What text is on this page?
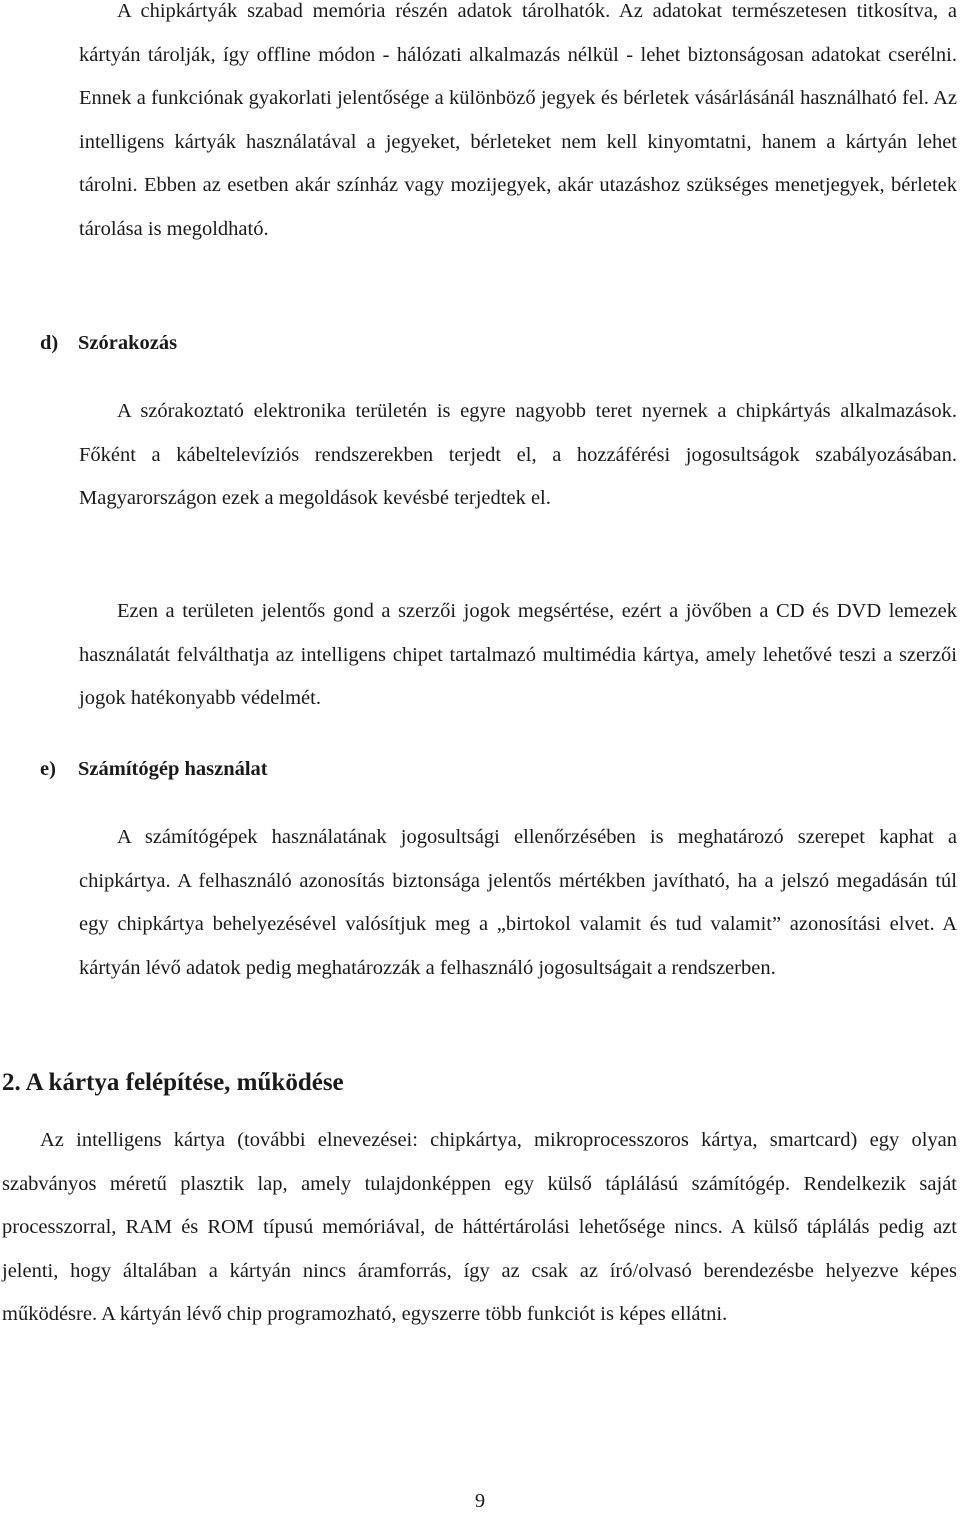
A chipkártyák szabad memória részén adatok tárolhatók. Az adatokat természetesen titkosítva, a kártyán tárolják, így offline módon - hálózati alkalmazás nélkül - lehet biztonságosan adatokat cserélni. Ennek a funkciónak gyakorlati jelentősége a különböző jegyek és bérletek vásárlásánál használható fel. Az intelligens kártyák használatával a jegyeket, bérleteket nem kell kinyomtatni, hanem a kártyán lehet tárolni. Ebben az esetben akár színház vagy mozijegyek, akár utazáshoz szükséges menetjegyek, bérletek tárolása is megoldható.

d) Szórakozás

A szórakoztató elektronika területén is egyre nagyobb teret nyernek a chipkártyás alkalmazások. Főként a kábeltelevíziós rendszerekben terjedt el, a hozzáférési jogosultságok szabályozásában. Magyarországon ezek a megoldások kevésbé terjedtek el.

Ezen a területen jelentős gond a szerzői jogok megsértése, ezért a jövőben a CD és DVD lemezek használatát felválthatja az intelligens chipet tartalmazó multimédia kártya, amely lehetővé teszi a szerzői jogok hatékonyabb védelmét.

e) Számítógép használat

A számítógépek használatának jogosultsági ellenőrzésében is meghatározó szerepet kaphat a chipkártya. A felhasználó azonosítás biztonsága jelentős mértékben javítható, ha a jelszó megadásán túl egy chipkártya behelyezésével valósítjuk meg a „birtokol valamit és tud valamit” azonosítási elvet. A kártyán lévő adatok pedig meghatározzák a felhasználó jogosultságait a rendszerben.

2. A kártya felépítése, működése

Az intelligens kártya (további elnevezései: chipkártya, mikroprocesszoros kártya, smartcard) egy olyan szabványos méretű plasztik lap, amely tulajdonképpen egy külső táplálású számítógép. Rendelkezik saját processzorral, RAM és ROM típusú memóriával, de háttértárolási lehetősége nincs. A külső táplálás pedig azt jelenti, hogy általában a kártyán nincs áramforrás, így az csak az író/olvasó berendezésbe helyezve képes működésre. A kártyán lévő chip programozható, egyszerre több funkciót is képes ellátni.

9
